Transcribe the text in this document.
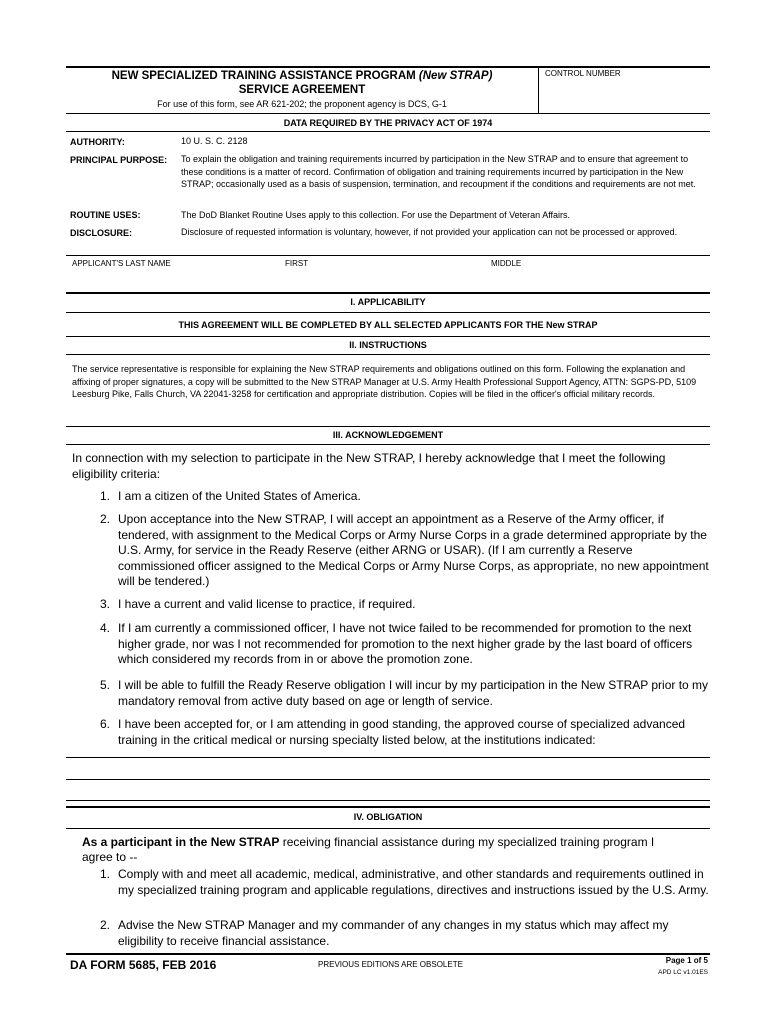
NEW SPECIALIZED TRAINING ASSISTANCE PROGRAM (New STRAP)
SERVICE AGREEMENT
For use of this form, see AR 621-202; the proponent agency is DCS, G-1
CONTROL NUMBER
DATA REQUIRED BY THE PRIVACY ACT OF 1974
AUTHORITY:	10 U. S. C. 2128
PRINCIPAL PURPOSE: To explain the obligation and training requirements incurred by participation in the New STRAP and to ensure that agreement to these conditions is a matter of record. Confirmation of obligation and training requirements incurred by participation in the New STRAP; occasionally used as a basis of suspension, termination, and recoupment if the conditions and requirements are not met.
ROUTINE USES:	The DoD Blanket Routine Uses apply to this collection. For use the Department of Veteran Affairs.
DISCLOSURE:	Disclosure of requested information is voluntary, however, if not provided your application can not be processed or approved.
APPLICANT'S LAST NAME	FIRST	MIDDLE
I. APPLICABILITY
THIS AGREEMENT WILL BE COMPLETED BY ALL SELECTED APPLICANTS FOR THE New STRAP
II. INSTRUCTIONS
The service representative is responsible for explaining the New STRAP requirements and obligations outlined on this form. Following the explanation and affixing of proper signatures, a copy will be submitted to the New STRAP Manager at U.S. Army Health Professional Support Agency, ATTN: SGPS-PD, 5109 Leesburg Pike, Falls Church, VA 22041-3258 for certification and appropriate distribution. Copies will be filed in the officer's official military records.
III. ACKNOWLEDGEMENT
In connection with my selection to participate in the New STRAP, I hereby acknowledge that I meet the following eligibility criteria:
1. I am a citizen of the United States of America.
2. Upon acceptance into the New STRAP, I will accept an appointment as a Reserve of the Army officer, if tendered, with assignment to the Medical Corps or Army Nurse Corps in a grade determined appropriate by the U.S. Army, for service in the Ready Reserve (either ARNG or USAR). (If I am currently a Reserve commissioned officer assigned to the Medical Corps or Army Nurse Corps, as appropriate, no new appointment will be tendered.)
3. I have a current and valid license to practice, if required.
4. If I am currently a commissioned officer, I have not twice failed to be recommended for promotion to the next higher grade, nor was I not recommended for promotion to the next higher grade by the last board of officers which considered my records from in or above the promotion zone.
5. I will be able to fulfill the Ready Reserve obligation I will incur by my participation in the New STRAP prior to my mandatory removal from active duty based on age or length of service.
6. I have been accepted for, or I am attending in good standing, the approved course of specialized advanced training in the critical medical or nursing specialty listed below, at the institutions indicated:
IV. OBLIGATION
As a participant in the New STRAP receiving financial assistance during my specialized training program I
agree to --
1. Comply with and meet all academic, medical, administrative, and other standards and requirements outlined in my specialized training program and applicable regulations, directives and instructions issued by the U.S. Army.
2. Advise the New STRAP Manager and my commander of any changes in my status which may affect my eligibility to receive financial assistance.
DA FORM 5685, FEB 2016	PREVIOUS EDITIONS ARE OBSOLETE	Page 1 of 5
APD LC v1.01ES
